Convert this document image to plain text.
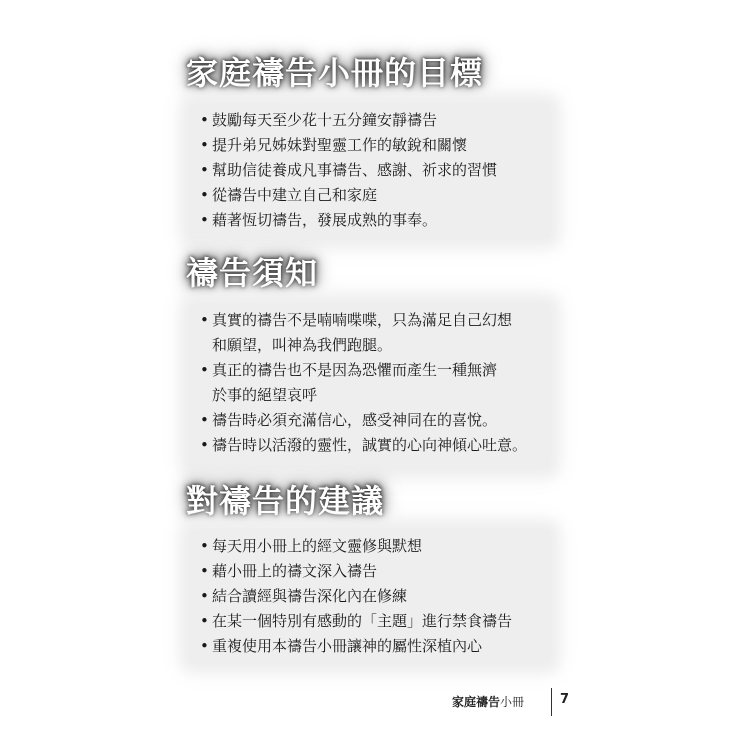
家庭禱告小冊的目標
• 鼓勵每天至少花十五分鐘安靜禱告
• 提升弟兄姊妹對聖靈工作的敏銳和關懷
• 幫助信徒養成凡事禱告、感謝、祈求的習慣
• 從禱告中建立自己和家庭
• 藉著恆切禱告，發展成熟的事奉。
禱告須知
• 真實的禱告不是喃喃喋喋，只為滿足自己幻想
和願望，叫神為我們跑腿。
• 真正的禱告也不是因為恐懼而產生一種無濟
於事的絕望哀呼
• 禱告時必須充滿信心，感受神同在的喜悅。
• 禱告時以活潑的靈性，誠實的心向神傾心吐意。
對禱告的建議
• 每天用小冊上的經文靈修與默想
• 藉小冊上的禱文深入禱告
• 結合讀經與禱告深化內在修練
• 在某一個特別有感動的「主題」進行禁食禱告
• 重複使用本禱告小冊讓神的屬性深植內心
家庭禱告小冊	7
